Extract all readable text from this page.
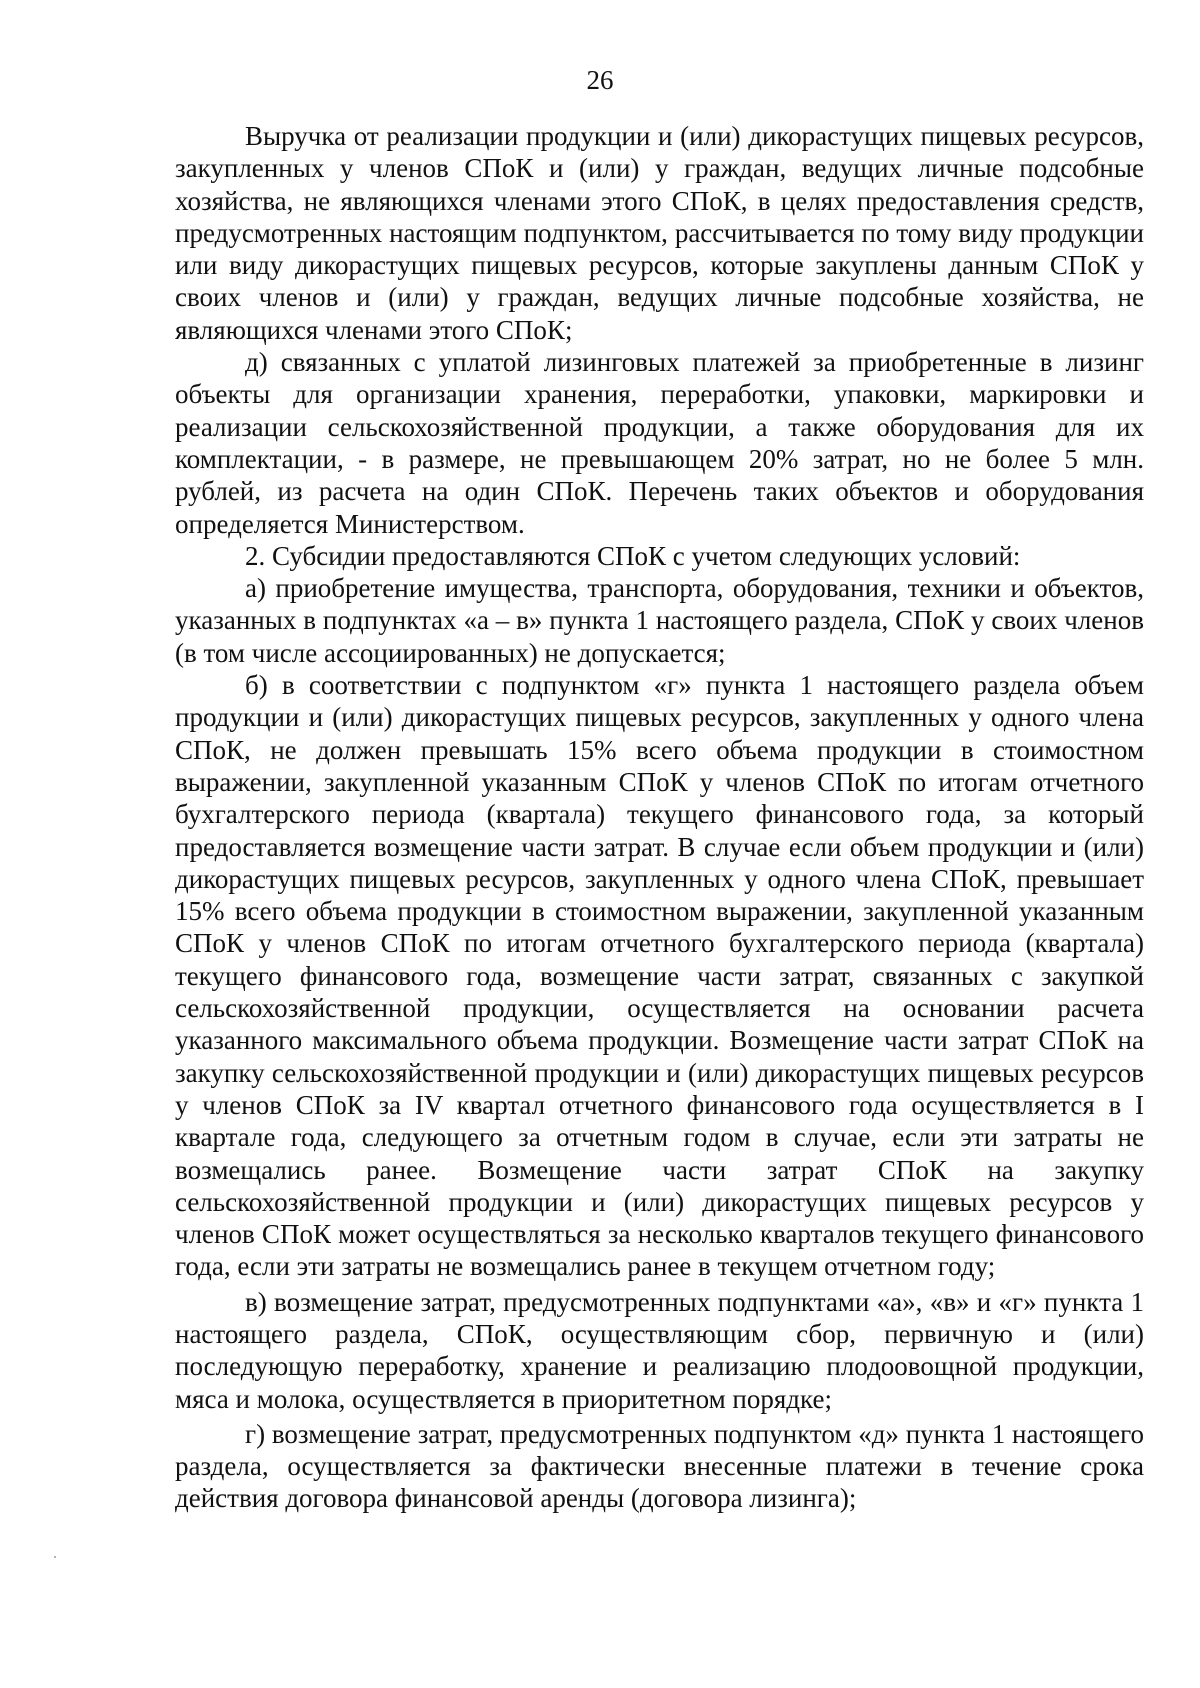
26

Выручка от реализации продукции и (или) дикорастущих пищевых ресурсов, закупленных у членов СПоК и (или) у граждан, ведущих личные подсобные хозяйства, не являющихся членами этого СПоК, в целях предоставления средств, предусмотренных настоящим подпунктом, рассчитывается по тому виду продукции или виду дикорастущих пищевых ресурсов, которые закуплены данным СПоК у своих членов и (или) у граждан, ведущих личные подсобные хозяйства, не являющихся членами этого СПоК;

д) связанных с уплатой лизинговых платежей за приобретенные в лизинг объекты для организации хранения, переработки, упаковки, маркировки и реализации сельскохозяйственной продукции, а также оборудования для их комплектации, - в размере, не превышающем 20% затрат, но не более 5 млн. рублей, из расчета на один СПоК. Перечень таких объектов и оборудования определяется Министерством.

2. Субсидии предоставляются СПоК с учетом следующих условий:

а) приобретение имущества, транспорта, оборудования, техники и объектов, указанных в подпунктах «а – в» пункта 1 настоящего раздела, СПоК у своих членов (в том числе ассоциированных) не допускается;

б) в соответствии с подпунктом «г» пункта 1 настоящего раздела объем продукции и (или) дикорастущих пищевых ресурсов, закупленных у одного члена СПоК, не должен превышать 15% всего объема продукции в стоимостном выражении, закупленной указанным СПоК у членов СПоК по итогам отчетного бухгалтерского периода (квартала) текущего финансового года, за который предоставляется возмещение части затрат. В случае если объем продукции и (или) дикорастущих пищевых ресурсов, закупленных у одного члена СПоК, превышает 15% всего объема продукции в стоимостном выражении, закупленной указанным СПоК у членов СПоК по итогам отчетного бухгалтерского периода (квартала) текущего финансового года, возмещение части затрат, связанных с закупкой сельскохозяйственной продукции, осуществляется на основании расчета указанного максимального объема продукции. Возмещение части затрат СПоК на закупку сельскохозяйственной продукции и (или) дикорастущих пищевых ресурсов у членов СПоК за IV квартал отчетного финансового года осуществляется в I квартале года, следующего за отчетным годом в случае, если эти затраты не возмещались ранее. Возмещение части затрат СПоК на закупку сельскохозяйственной продукции и (или) дикорастущих пищевых ресурсов у членов СПоК может осуществляться за несколько кварталов текущего финансового года, если эти затраты не возмещались ранее в текущем отчетном году;

в) возмещение затрат, предусмотренных подпунктами «а», «в» и «г» пункта 1 настоящего раздела, СПоК, осуществляющим сбор, первичную и (или) последующую переработку, хранение и реализацию плодоовощной продукции, мяса и молока, осуществляется в приоритетном порядке;

г) возмещение затрат, предусмотренных подпунктом «д» пункта 1 настоящего раздела, осуществляется за фактически внесенные платежи в течение срока действия договора финансовой аренды (договора лизинга);
